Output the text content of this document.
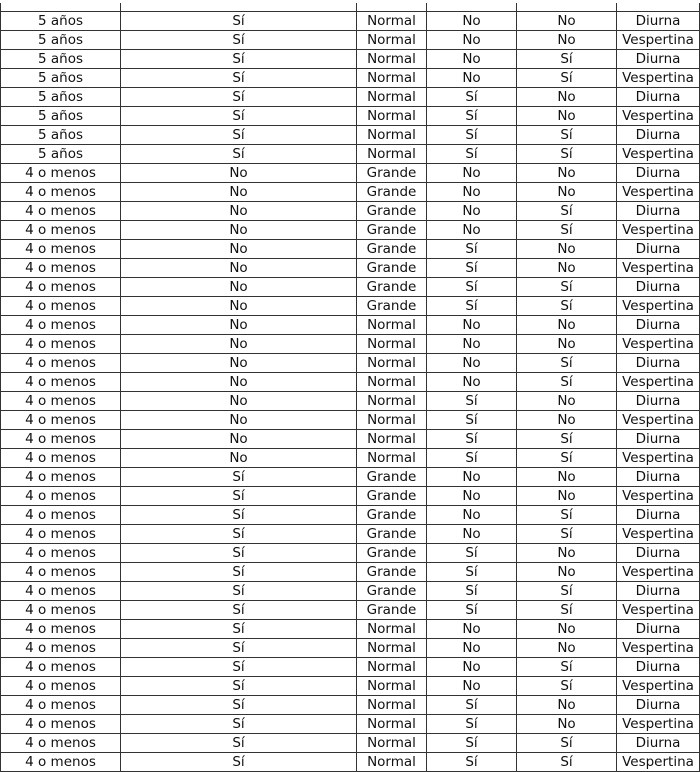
5 años	Sí	Normal	No	No	Diurna
5 años	Sí	Normal	No	No	Vespertina
5 años	Sí	Normal	No	Sí	Diurna
5 años	Sí	Normal	No	Sí	Vespertina
5 años	Sí	Normal	Sí	No	Diurna
5 años	Sí	Normal	Sí	No	Vespertina
5 años	Sí	Normal	Sí	Sí	Diurna
5 años	Sí	Normal	Sí	Sí	Vespertina
4 o menos	No	Grande	No	No	Diurna
4 o menos	No	Grande	No	No	Vespertina
4 o menos	No	Grande	No	Sí	Diurna
4 o menos	No	Grande	No	Sí	Vespertina
4 o menos	No	Grande	Sí	No	Diurna
4 o menos	No	Grande	Sí	No	Vespertina
4 o menos	No	Grande	Sí	Sí	Diurna
4 o menos	No	Grande	Sí	Sí	Vespertina
4 o menos	No	Normal	No	No	Diurna
4 o menos	No	Normal	No	No	Vespertina
4 o menos	No	Normal	No	Sí	Diurna
4 o menos	No	Normal	No	Sí	Vespertina
4 o menos	No	Normal	Sí	No	Diurna
4 o menos	No	Normal	Sí	No	Vespertina
4 o menos	No	Normal	Sí	Sí	Diurna
4 o menos	No	Normal	Sí	Sí	Vespertina
4 o menos	Sí	Grande	No	No	Diurna
4 o menos	Sí	Grande	No	No	Vespertina
4 o menos	Sí	Grande	No	Sí	Diurna
4 o menos	Sí	Grande	No	Sí	Vespertina
4 o menos	Sí	Grande	Sí	No	Diurna
4 o menos	Sí	Grande	Sí	No	Vespertina
4 o menos	Sí	Grande	Sí	Sí	Diurna
4 o menos	Sí	Grande	Sí	Sí	Vespertina
4 o menos	Sí	Normal	No	No	Diurna
4 o menos	Sí	Normal	No	No	Vespertina
4 o menos	Sí	Normal	No	Sí	Diurna
4 o menos	Sí	Normal	No	Sí	Vespertina
4 o menos	Sí	Normal	Sí	No	Diurna
4 o menos	Sí	Normal	Sí	No	Vespertina
4 o menos	Sí	Normal	Sí	Sí	Diurna
4 o menos	Sí	Normal	Sí	Sí	Vespertina
